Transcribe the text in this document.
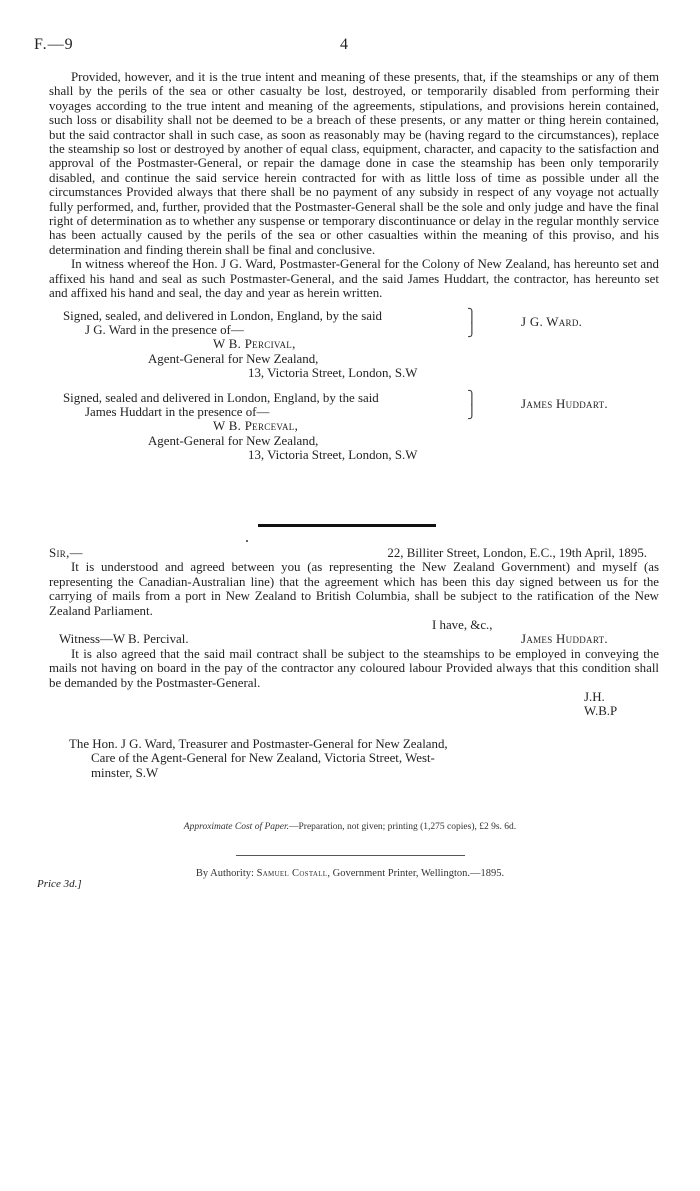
F.—9	4

Provided, however, and it is the true intent and meaning of these presents, that, if the steamships or any of them shall by the perils of the sea or other casualty be lost, destroyed, or temporarily disabled from performing their voyages according to the true intent and meaning of the agreements, stipulations, and provisions herein contained, such loss or disability shall not be deemed to be a breach of these presents, or any matter or thing herein contained, but the said contractor shall in such case, as soon as reasonably may be (having regard to the circumstances), replace the steamship so lost or destroyed by another of equal class, equipment, character, and capacity to the satisfaction and approval of the Postmaster-General, or repair the damage done in case the steamship has been only temporarily disabled, and continue the said service herein contracted for with as little loss of time as possible under all the circumstances Provided always that there shall be no payment of any subsidy in respect of any voyage not actually fully performed, and, further, provided that the Postmaster-General shall be the sole and only judge and have the final right of determination as to whether any suspense or temporary discontinuance or delay in the regular monthly service has been actually caused by the perils of the sea or other casualties within the meaning of this proviso, and his determination and finding therein shall be final and conclusive.

In witness whereof the Hon. J G. Ward, Postmaster-General for the Colony of New Zealand, has hereunto set and affixed his hand and seal as such Postmaster-General, and the said James Huddart, the contractor, has hereunto set and affixed his hand and seal, the day and year as herein written.

Signed, sealed, and delivered in London, England, by the said
J G. Ward in the presence of—
W B. Percival,
Agent-General for New Zealand,
13, Victoria Street, London, S.W
⎫
⎭
J G. Ward.
Signed, sealed and delivered in London, England, by the said
James Huddart in the presence of—
W B. Perceval,
Agent-General for New Zealand,
13, Victoria Street, London, S.W
⎫
⎭
James Huddart.
Sir,—	22, Billiter Street, London, E.C., 19th April, 1895.

It is understood and agreed between you (as representing the New Zealand Government) and myself (as representing the Canadian-Australian line) that the agreement which has been this day signed between us for the carrying of mails from a port in New Zealand to British Columbia, shall be subject to the ratification of the New Zealand Parliament.

I have, &c.,
Witness—W B. Percival.	James Huddart.

It is also agreed that the said mail contract shall be subject to the steamships to be employed in conveying the mails not having on board in the pay of the contractor any coloured labour Provided always that this condition shall be demanded by the Postmaster-General.

J.H.
W.B.P
The Hon. J G. Ward, Treasurer and Postmaster-General for New Zealand,
Care of the Agent-General for New Zealand, Victoria Street, West-
minster, S.W
Approximate Cost of Paper.—Preparation, not given; printing (1,275 copies), £2 9s. 6d.
By Authority: Samuel Costall, Government Printer, Wellington.—1895.
Price 3d.]
